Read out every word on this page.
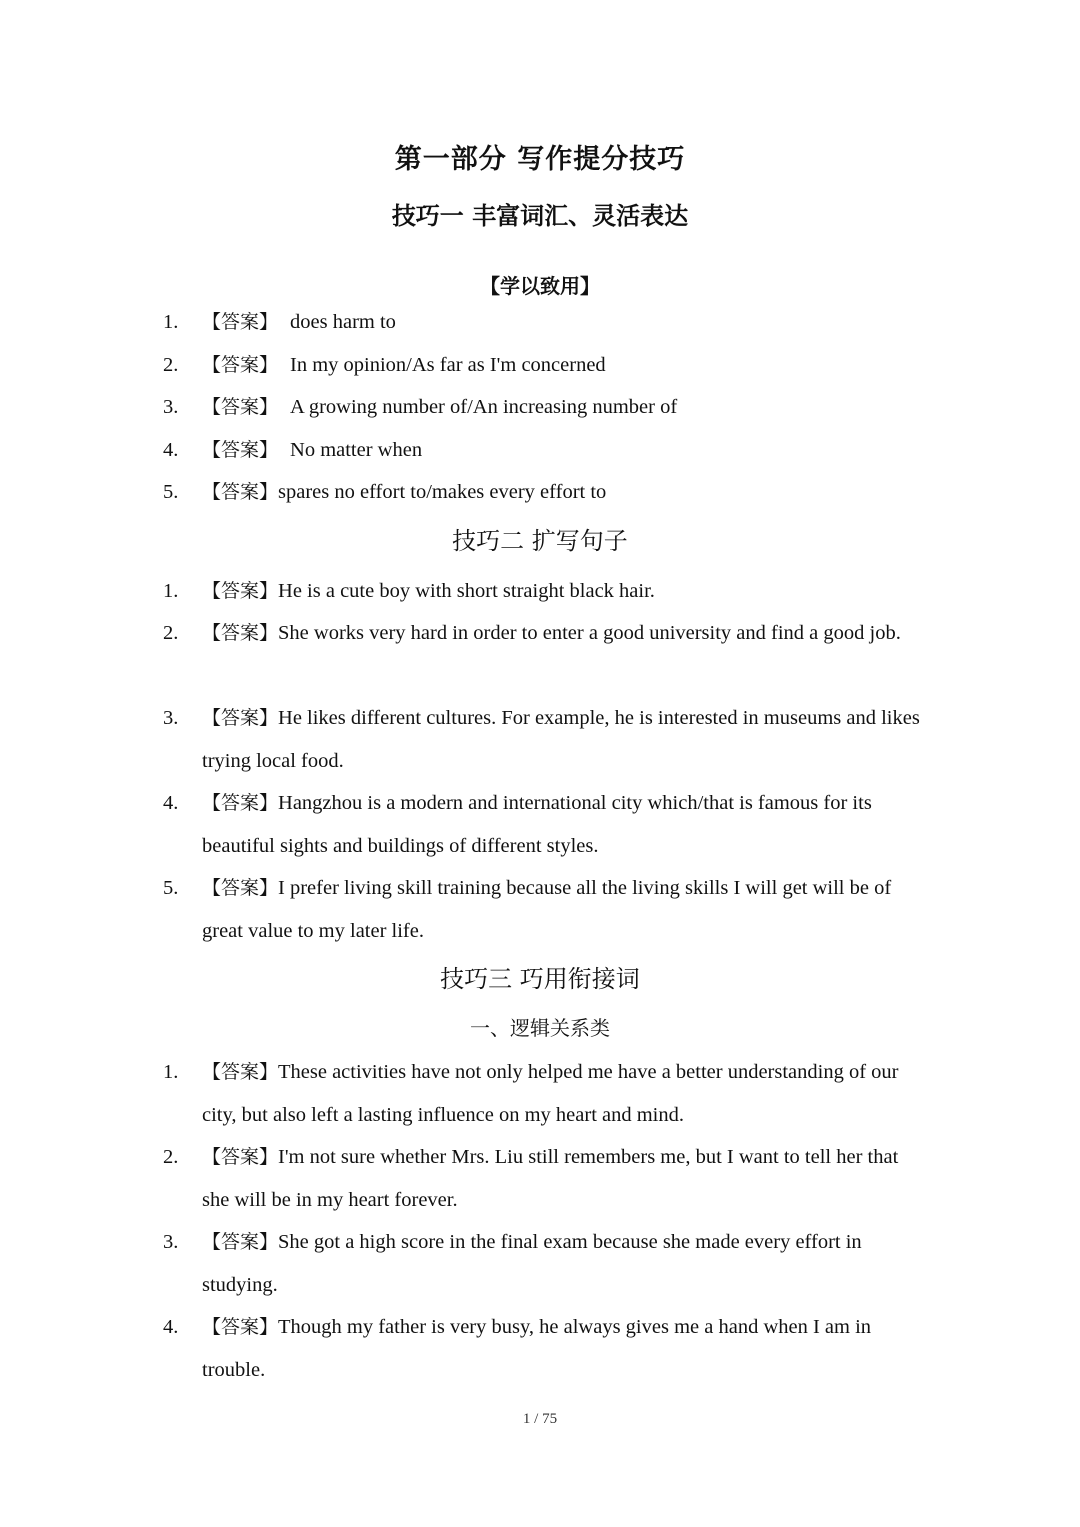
第一部分 写作提分技巧
技巧一 丰富词汇、灵活表达
【学以致用】
1. 【答案】 does harm to
2. 【答案】 In my opinion/As far as I'm concerned
3. 【答案】 A growing number of/An increasing number of
4. 【答案】 No matter when
5. 【答案】spares no effort to/makes every effort to
技巧二 扩写句子
1. 【答案】He is a cute boy with short straight black hair.
2. 【答案】She works very hard in order to enter a good university and find a good job.
3. 【答案】He likes different cultures. For example, he is interested in museums and likes trying local food.
4. 【答案】Hangzhou is a modern and international city which/that is famous for its beautiful sights and buildings of different styles.
5. 【答案】I prefer living skill training because all the living skills I will get will be of great value to my later life.
技巧三 巧用衔接词
一、逻辑关系类
1. 【答案】These activities have not only helped me have a better understanding of our city, but also left a lasting influence on my heart and mind.
2. 【答案】I'm not sure whether Mrs. Liu still remembers me, but I want to tell her that she will be in my heart forever.
3. 【答案】She got a high score in the final exam because she made every effort in studying.
4. 【答案】Though my father is very busy, he always gives me a hand when I am in trouble.
1 / 75
